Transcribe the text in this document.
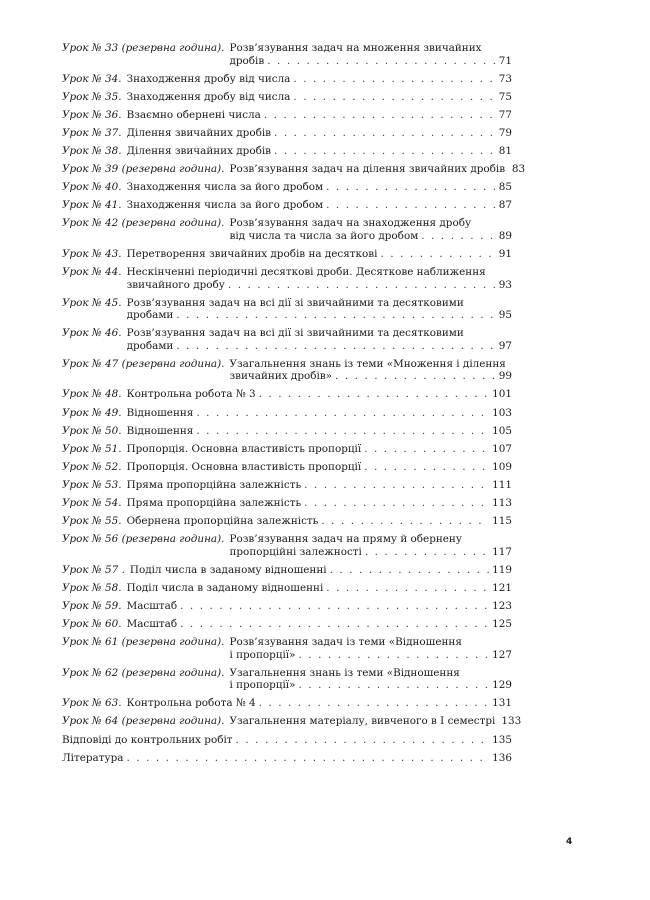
Урок № 33 (резервна година). Розв’язування задач на множення звичайних
дробів . . .	71
Урок № 34. Знаходження дробу від числа . . .	73
Урок № 35. Знаходження дробу від числа . . .	75
Урок № 36. Взаємно обернені числа . . .	77
Урок № 37. Ділення звичайних дробів . . .	79
Урок № 38. Ділення звичайних дробів . . .	81
Урок № 39 (резервна година). Розв’язування задач на ділення звичайних дробів 83
Урок № 40. Знаходження числа за його дробом . . .	85
Урок № 41. Знаходження числа за його дробом . . .	87
Урок № 42 (резервна година). Розв’язування задач на знаходження дробу
від числа та числа за його дробом . . .	89
Урок № 43. Перетворення звичайних дробів на десяткові . . .	91
Урок № 44. Нескінченні періодичні десяткові дроби. Десяткове наближення
звичайного дробу . . .	93
Урок № 45. Розв’язування задач на всі дії зі звичайними та десятковими
дробами . . .	95
Урок № 46. Розв’язування задач на всі дії зі звичайними та десятковими
дробами . . .	97
Урок № 47 (резервна година). Узагальнення знань із теми «Множення і ділення
звичайних дробів» . . .	99
Урок № 48. Контрольна робота № 3 . . .	101
Урок № 49. Відношення . . .	103
Урок № 50. Відношення . . .	105
Урок № 51. Пропорція. Основна властивість пропорції . . .	107
Урок № 52. Пропорція. Основна властивість пропорції . . .	109
Урок № 53. Пряма пропорційна залежність . . .	111
Урок № 54. Пряма пропорційна залежність . . .	113
Урок № 55. Обернена пропорційна залежність . . .	115
Урок № 56 (резервна година). Розв’язування задач на пряму й обернену
пропорційні залежності . . .	117
Урок № 57 . Поділ числа в заданому відношенні . . .	119
Урок № 58. Поділ числа в заданому відношенні . . .	121
Урок № 59. Масштаб . . .	123
Урок № 60. Масштаб . . .	125
Урок № 61 (резервна година). Розв’язування задач із теми «Відношення
і пропорції» . . .	127
Урок № 62 (резервна година). Узагальнення знань із теми «Відношення
і пропорції» . . .	129
Урок № 63. Контрольна робота № 4 . . .	131
Урок № 64 (резервна година). Узагальнення матеріалу, вивченого в І семестрі 133
Відповіді до контрольних робіт . . .	135
Література . . .	136
4
